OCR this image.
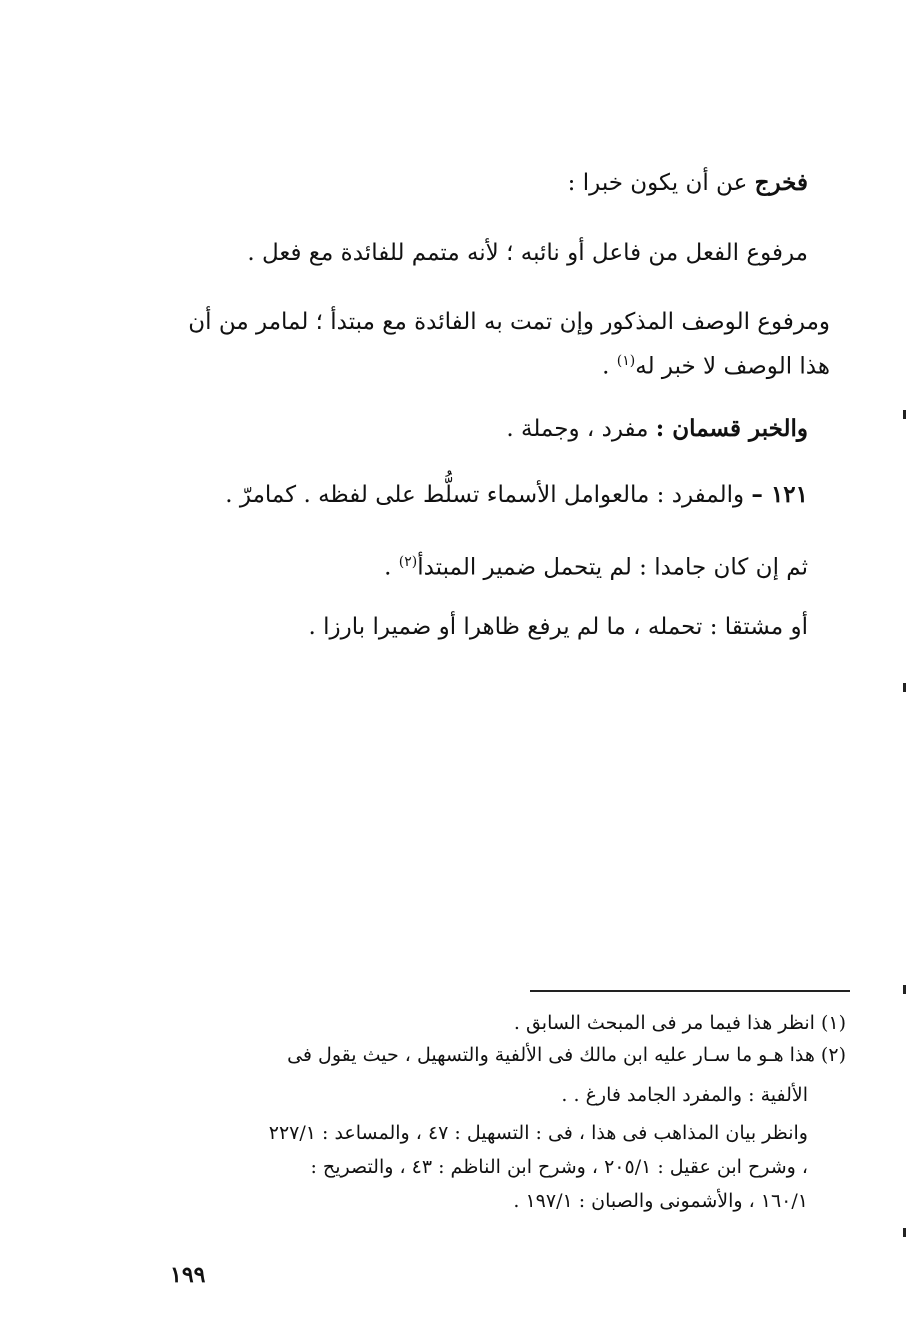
فخرج عن أن يكون خبرا :
مرفوع الفعل من فاعل أو نائبه ؛ لأنه متمم للفائدة مع فعل .
ومرفوع الوصف المذكور وإن تمت به الفائدة مع مبتدأ ؛ لمامر من أن
هذا الوصف لا خبر له$^{(١)}$ .
والخبر قسمان : مفرد ، وجملة .
١٢١ – والمفرد : مالعوامل الأسماء تسلُّط على لفظه . كمامرّ .
ثم إن كان جامدا : لم يتحمل ضمير المبتدأ$^{(٢)}$ .
أو مشتقا : تحمله ، ما لم يرفع ظاهرا أو ضميرا بارزا .
(١) انظر هذا فيما مر فى المبحث السابق .
(٢) هذا هـو ما سـار عليه ابن مالك فى الألفية والتسهيل ، حيث يقول فى
الألفية : والمفرد الجامد فارغ . .
وانظر بيان المذاهب فى هذا ، فى : التسهيل : ٤٧ ، والمساعد : ٢٢٧/١
، وشرح ابن عقيل : ٢٠٥/١ ، وشرح ابن الناظم : ٤٣ ، والتصريح :
١٦٠/١ ، والأشمونى والصبان : ١٩٧/١ .
١٩٩
